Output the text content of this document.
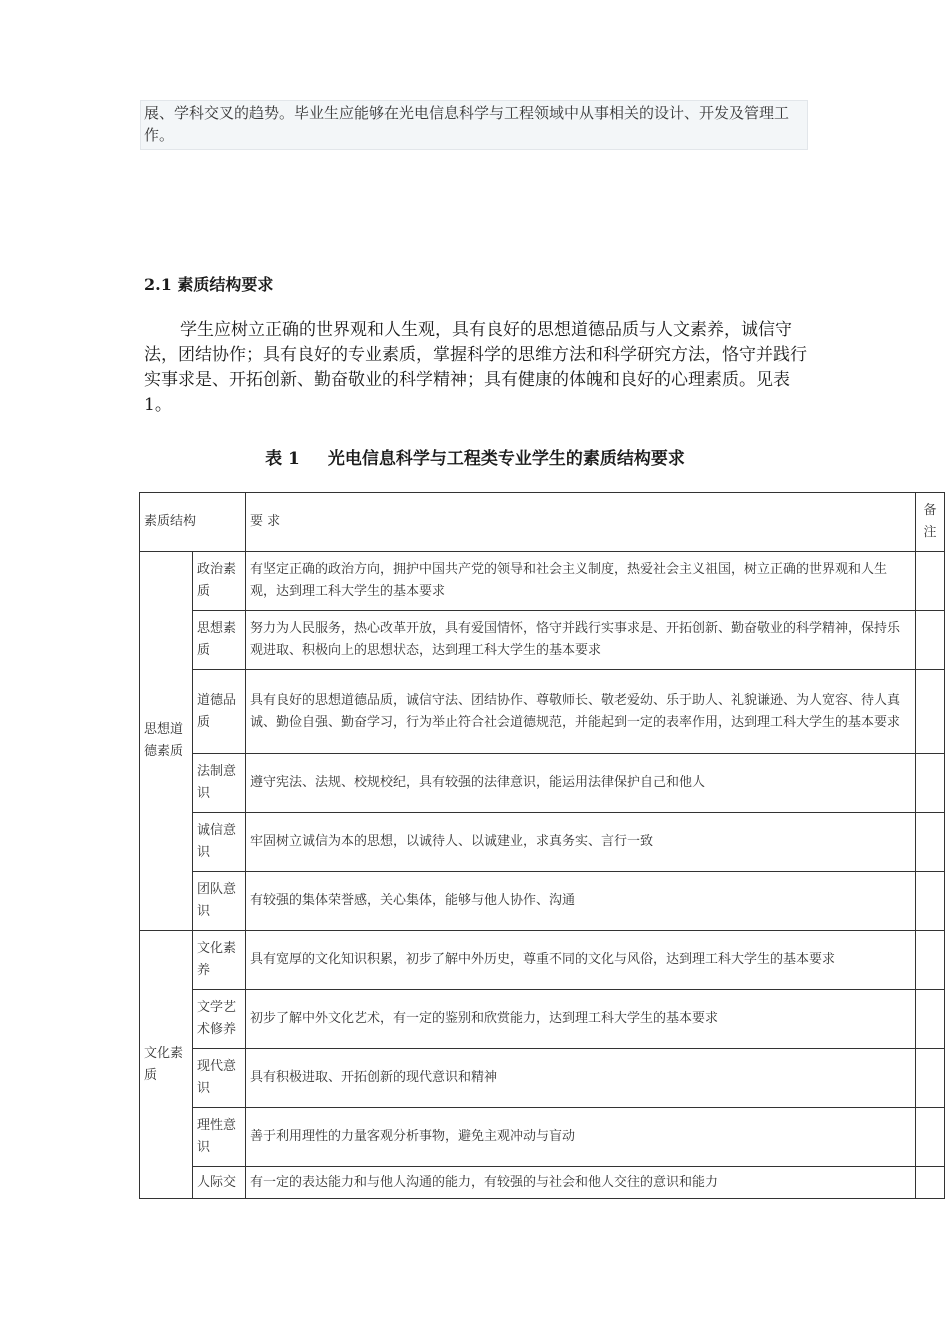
展、学科交叉的趋势。毕业生应能够在光电信息科学与工程领域中从事相关的设计、开发及管理工作。
2.1 素质结构要求

学生应树立正确的世界观和人生观，具有良好的思想道德品质与人文素养，诚信守法，团结协作；具有良好的专业素质，掌握科学的思维方法和科学研究方法，恪守并践行实事求是、开拓创新、勤奋敬业的科学精神；具有健康的体魄和良好的心理素质。见表 1。

表 1 光电信息科学与工程类专业学生的素质结构要求
素质结构		要 求	备注
思想道德素质	政治素质	有坚定正确的政治方向，拥护中国共产党的领导和社会主义制度，热爱社会主义祖国，树立正确的世界观和人生观，达到理工科大学生的基本要求	
	思想素质	努力为人民服务，热心改革开放，具有爱国情怀，恪守并践行实事求是、开拓创新、勤奋敬业的科学精神，保持乐观进取、积极向上的思想状态，达到理工科大学生的基本要求	
	道德品质	具有良好的思想道德品质，诚信守法、团结协作、尊敬师长、敬老爱幼、乐于助人、礼貌谦逊、为人宽容、待人真诚、勤俭自强、勤奋学习，行为举止符合社会道德规范，并能起到一定的表率作用，达到理工科大学生的基本要求	
	法制意识	遵守宪法、法规、校规校纪，具有较强的法律意识，能运用法律保护自己和他人	
	诚信意识	牢固树立诚信为本的思想，以诚待人、以诚建业，求真务实、言行一致	
	团队意识	有较强的集体荣誉感，关心集体，能够与他人协作、沟通	
文化素质	文化素养	具有宽厚的文化知识积累，初步了解中外历史，尊重不同的文化与风俗，达到理工科大学生的基本要求	
	文学艺术修养	初步了解中外文化艺术，有一定的鉴别和欣赏能力，达到理工科大学生的基本要求	
	现代意识	具有积极进取、开拓创新的现代意识和精神	
	理性意识	善于利用理性的力量客观分析事物，避免主观冲动与盲动	
	人际交	有一定的表达能力和与他人沟通的能力，有较强的与社会和他人交往的意识和能力	
